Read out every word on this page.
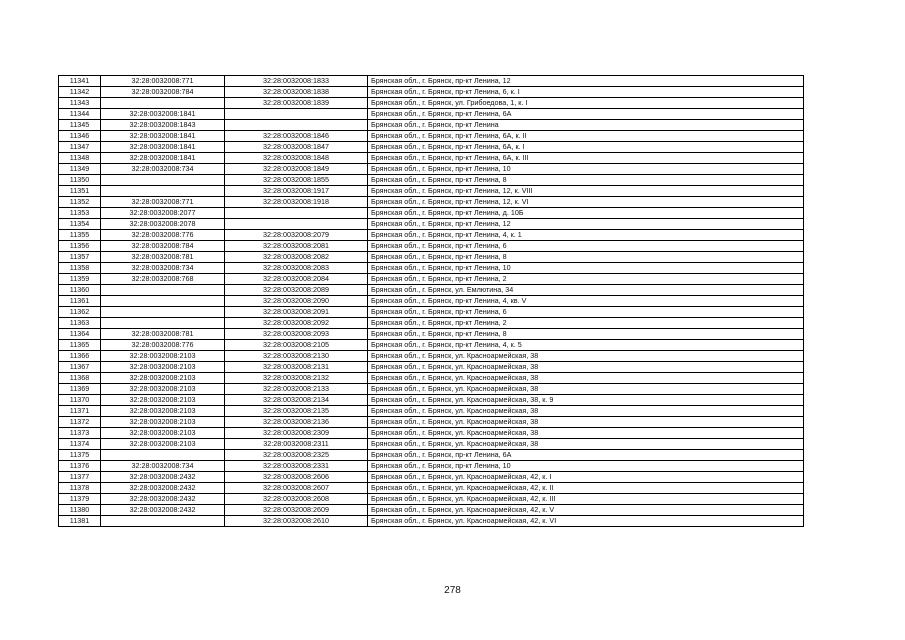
11341	32:28:0032008:771	32:28:0032008:1833	Брянская обл., г. Брянск, пр-кт Ленина, 12
11342	32:28:0032008:784	32:28:0032008:1838	Брянская обл., г. Брянск, пр-кт Ленина, 6, к. I
11343		32:28:0032008:1839	Брянская обл., г. Брянск, ул. Грибоедова, 1, к. I
11344	32:28:0032008:1841		Брянская обл., г. Брянск, пр-кт Ленина, 6А
11345	32:28:0032008:1843		Брянская обл., г. Брянск, пр-кт Ленина
11346	32:28:0032008:1841	32:28:0032008:1846	Брянская обл., г. Брянск, пр-кт Ленина, 6А, к. II
11347	32:28:0032008:1841	32:28:0032008:1847	Брянская обл., г. Брянск, пр-кт Ленина, 6А, к. I
11348	32:28:0032008:1841	32:28:0032008:1848	Брянская обл., г. Брянск, пр-кт Ленина, 6А, к. III
11349	32:28:0032008:734	32:28:0032008:1849	Брянская обл., г. Брянск, пр-кт Ленина, 10
11350		32:28:0032008:1855	Брянская обл., г. Брянск, пр-кт Ленина, 8
11351		32:28:0032008:1917	Брянская обл., г. Брянск, пр-кт Ленина, 12, к. VIII
11352	32:28:0032008:771	32:28:0032008:1918	Брянская обл., г. Брянск, пр-кт Ленина, 12, к. VI
11353	32:28:0032008:2077		Брянская обл., г. Брянск, пр-кт Ленина, д. 10Б
11354	32:28:0032008:2078		Брянская обл., г. Брянск, пр-кт Ленина, 12
11355	32:28:0032008:776	32:28:0032008:2079	Брянская обл., г. Брянск, пр-кт Ленина, 4, к. 1
11356	32:28:0032008:784	32:28:0032008:2081	Брянская обл., г. Брянск, пр-кт Ленина, 6
11357	32:28:0032008:781	32:28:0032008:2082	Брянская обл., г. Брянск, пр-кт Ленина, 8
11358	32:28:0032008:734	32:28:0032008:2083	Брянская обл., г. Брянск, пр-кт Ленина, 10
11359	32:28:0032008:768	32:28:0032008:2084	Брянская обл., г. Брянск, пр-кт Ленина, 2
11360		32:28:0032008:2089	Брянская обл., г. Брянск, ул. Емлютина, 34
11361		32:28:0032008:2090	Брянская обл., г. Брянск, пр-кт Ленина, 4, кв. V
11362		32:28:0032008:2091	Брянская обл., г. Брянск, пр-кт Ленина, 6
11363		32:28:0032008:2092	Брянская обл., г. Брянск, пр-кт Ленина, 2
11364	32:28:0032008:781	32:28:0032008:2093	Брянская обл., г. Брянск, пр-кт Ленина, 8
11365	32:28:0032008:776	32:28:0032008:2105	Брянская обл., г. Брянск, пр-кт Ленина, 4, к. 5
11366	32:28:0032008:2103	32:28:0032008:2130	Брянская обл., г. Брянск, ул. Красноармейская, 38
11367	32:28:0032008:2103	32:28:0032008:2131	Брянская обл., г. Брянск, ул. Красноармейская, 38
11368	32:28:0032008:2103	32:28:0032008:2132	Брянская обл., г. Брянск, ул. Красноармейская, 38
11369	32:28:0032008:2103	32:28:0032008:2133	Брянская обл., г. Брянск, ул. Красноармейская, 38
11370	32:28:0032008:2103	32:28:0032008:2134	Брянская обл., г. Брянск, ул. Красноармейская, 38, к. 9
11371	32:28:0032008:2103	32:28:0032008:2135	Брянская обл., г. Брянск, ул. Красноармейская, 38
11372	32:28:0032008:2103	32:28:0032008:2136	Брянская обл., г. Брянск, ул. Красноармейская, 38
11373	32:28:0032008:2103	32:28:0032008:2309	Брянская обл., г. Брянск, ул. Красноармейская, 38
11374	32:28:0032008:2103	32:28:0032008:2311	Брянская обл., г. Брянск, ул. Красноармейская, 38
11375		32:28:0032008:2325	Брянская обл., г. Брянск, пр-кт Ленина, 6А
11376	32:28:0032008:734	32:28:0032008:2331	Брянская обл., г. Брянск, пр-кт Ленина, 10
11377	32:28:0032008:2432	32:28:0032008:2606	Брянская обл., г. Брянск, ул. Красноармейская, 42, к. I
11378	32:28:0032008:2432	32:28:0032008:2607	Брянская обл., г. Брянск, ул. Красноармейская, 42, к. II
11379	32:28:0032008:2432	32:28:0032008:2608	Брянская обл., г. Брянск, ул. Красноармейская, 42, к. III
11380	32:28:0032008:2432	32:28:0032008:2609	Брянская обл., г. Брянск, ул. Красноармейская, 42, к. V
11381		32:28:0032008:2610	Брянская обл., г. Брянск, ул. Красноармейская, 42, к. VI
278
